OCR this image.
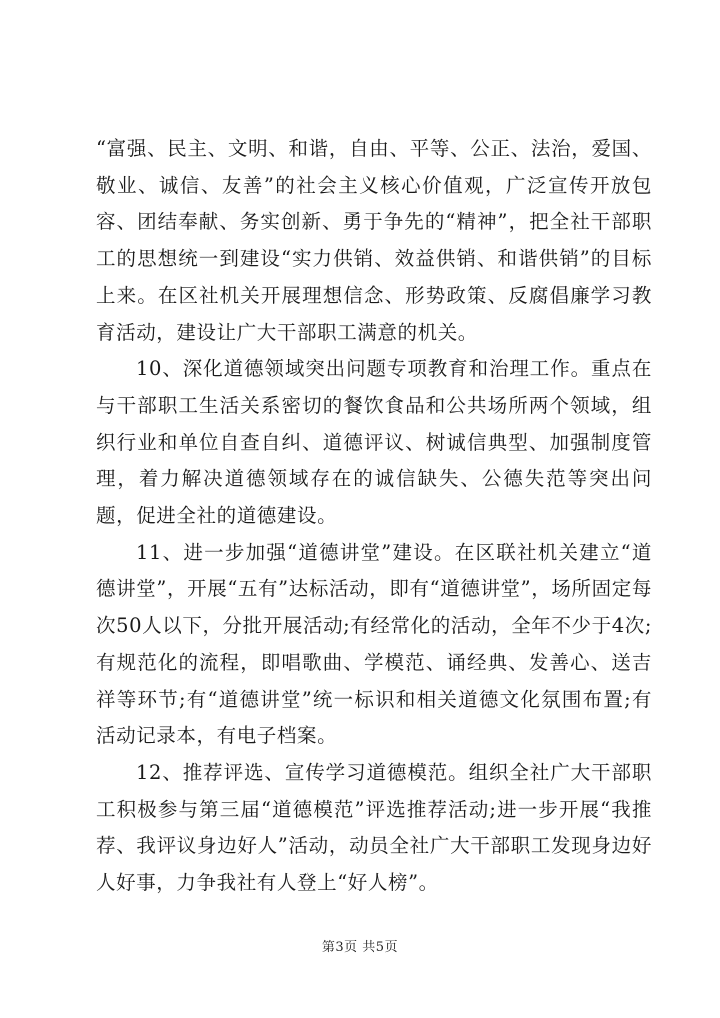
“富强、民主、文明、和谐，自由、平等、公正、法治，爱国、敬业、诚信、友善”的社会主义核心价值观，广泛宣传开放包容、团结奉献、务实创新、勇于争先的“精神”，把全社干部职工的思想统一到建设“实力供销、效益供销、和谐供销”的目标上来。在区社机关开展理想信念、形势政策、反腐倡廉学习教育活动，建设让广大干部职工满意的机关。

10、深化道德领域突出问题专项教育和治理工作。重点在与干部职工生活关系密切的餐饮食品和公共场所两个领域，组织行业和单位自查自纠、道德评议、树诚信典型、加强制度管理，着力解决道德领域存在的诚信缺失、公德失范等突出问题，促进全社的道德建设。

11、进一步加强“道德讲堂”建设。在区联社机关建立“道德讲堂”，开展“五有”达标活动，即有“道德讲堂”，场所固定每次50人以下，分批开展活动;有经常化的活动，全年不少于4次;有规范化的流程，即唱歌曲、学模范、诵经典、发善心、送吉祥等环节;有“道德讲堂”统一标识和相关道德文化氛围布置;有活动记录本，有电子档案。

12、推荐评选、宣传学习道德模范。组织全社广大干部职工积极参与第三届“道德模范”评选推荐活动;进一步开展“我推荐、我评议身边好人”活动，动员全社广大干部职工发现身边好人好事，力争我社有人登上“好人榜”。

第3页 共5页
